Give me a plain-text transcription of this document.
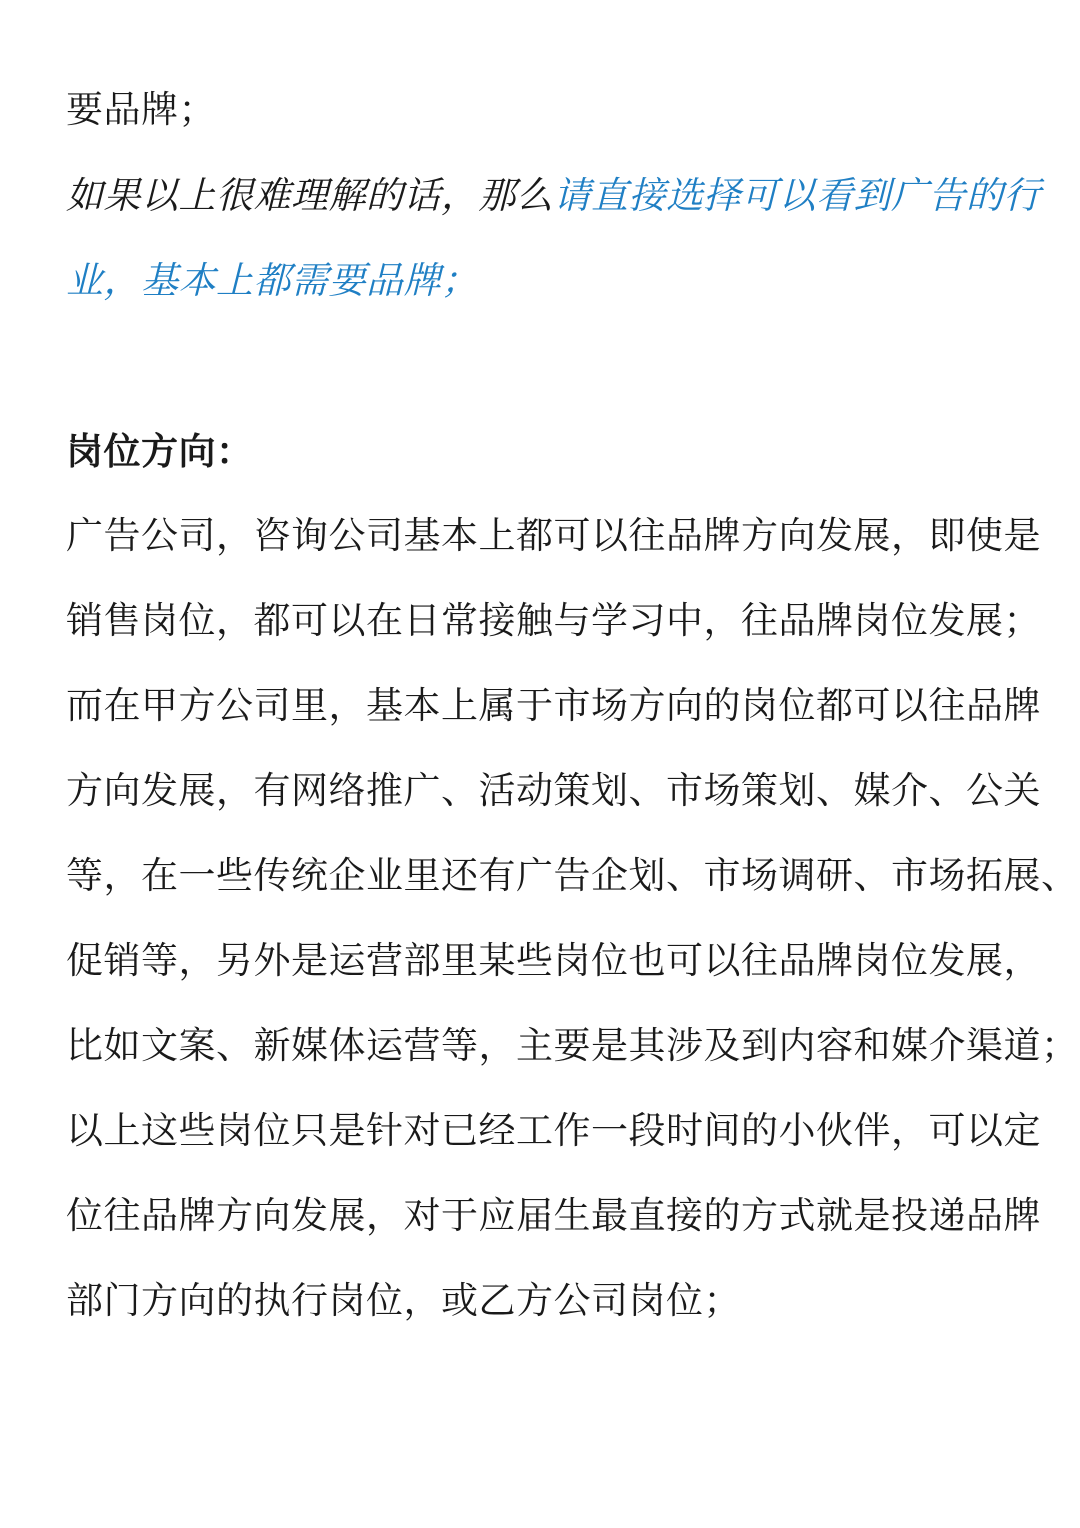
要品牌；
如果以上很难理解的话，那么请直接选择可以看到广告的行
业，基本上都需要品牌；
岗位方向：
广告公司，咨询公司基本上都可以往品牌方向发展，即使是
销售岗位，都可以在日常接触与学习中，往品牌岗位发展；
而在甲方公司里，基本上属于市场方向的岗位都可以往品牌
方向发展，有网络推广、活动策划、市场策划、媒介、公关
等，在一些传统企业里还有广告企划、市场调研、市场拓展、
促销等，另外是运营部里某些岗位也可以往品牌岗位发展，
比如文案、新媒体运营等，主要是其涉及到内容和媒介渠道；
以上这些岗位只是针对已经工作一段时间的小伙伴，可以定
位往品牌方向发展，对于应届生最直接的方式就是投递品牌
部门方向的执行岗位，或乙方公司岗位；
